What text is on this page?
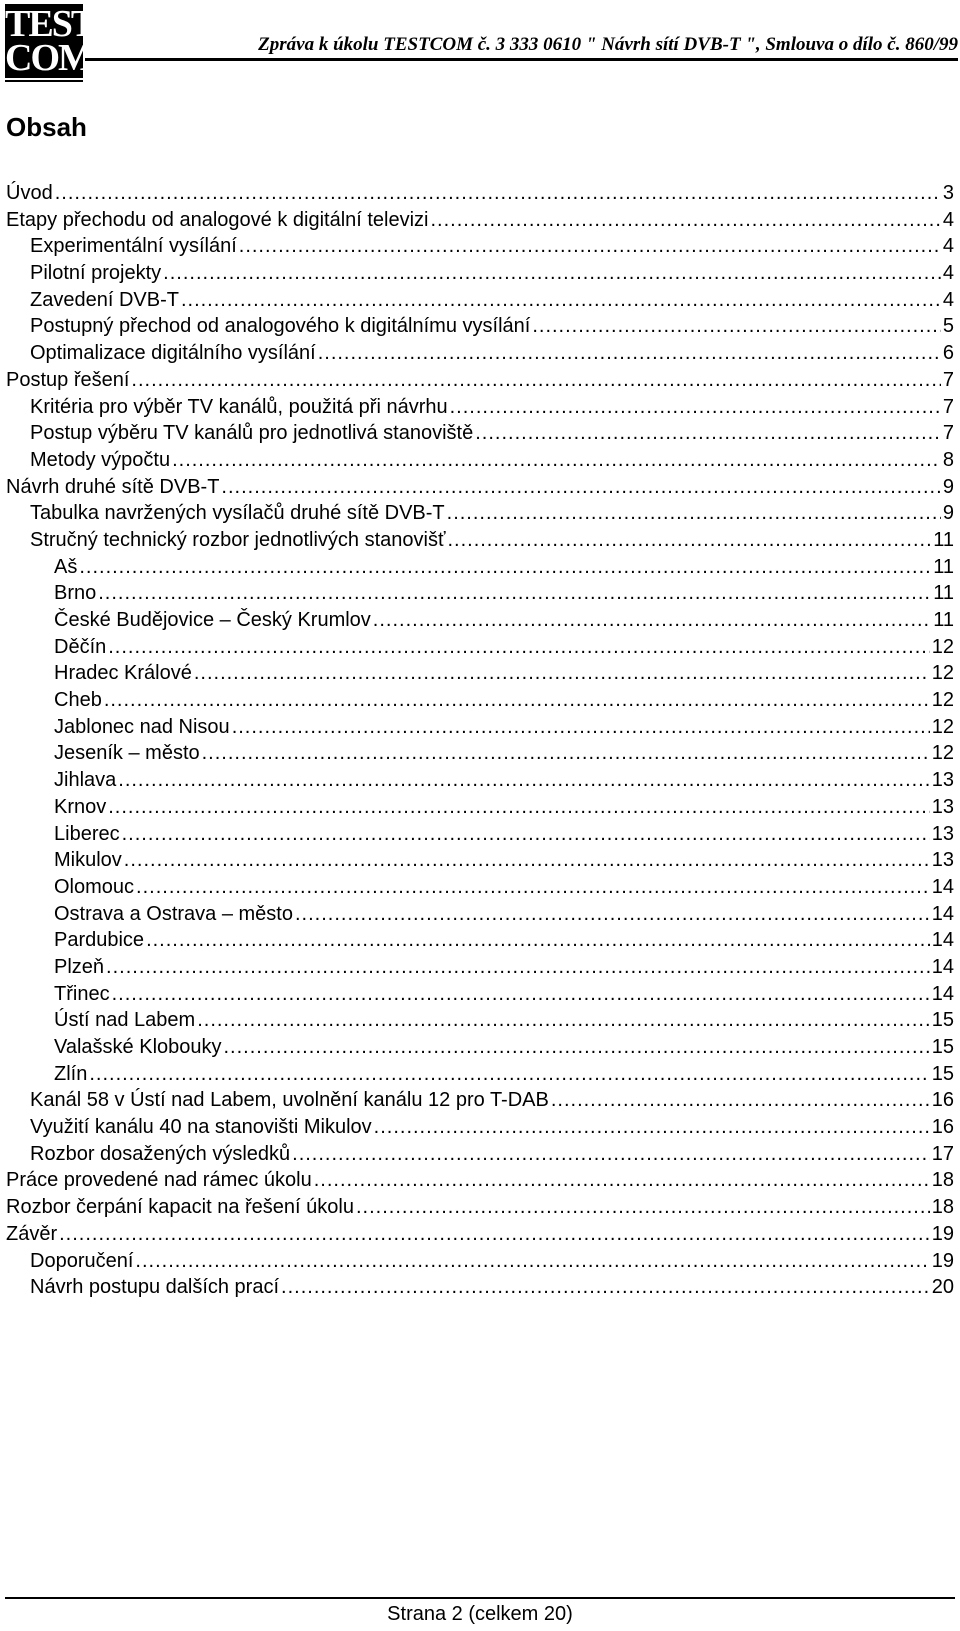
TEST
COM	Zpráva k úkolu TESTCOM č. 3 333 0610 " Návrh sítí DVB-T ", Smlouva o dílo č. 860/99
Obsah
Úvod .....	3
Etapy přechodu od analogové k digitální televizi .....	4
Experimentální vysílání .....	4
Pilotní projekty .....	4
Zavedení DVB-T .....	4
Postupný přechod od analogového k digitálnímu vysílání .....	5
Optimalizace digitálního vysílání .....	6
Postup řešení .....	7
Kritéria pro výběr TV kanálů, použitá při návrhu .....	7
Postup výběru TV kanálů pro jednotlivá stanoviště .....	7
Metody výpočtu .....	8
Návrh druhé sítě DVB-T .....	9
Tabulka navržených vysílačů druhé sítě DVB-T .....	9
Stručný technický rozbor jednotlivých stanovišť .....	11
Aš .....	11
Brno .....	11
České Budějovice – Český Krumlov .....	11
Děčín .....	12
Hradec Králové .....	12
Cheb .....	12
Jablonec nad Nisou .....	12
Jeseník – město .....	12
Jihlava .....	13
Krnov .....	13
Liberec .....	13
Mikulov .....	13
Olomouc .....	14
Ostrava a Ostrava – město .....	14
Pardubice .....	14
Plzeň .....	14
Třinec .....	14
Ústí nad Labem .....	15
Valašské Klobouky .....	15
Zlín .....	15
Kanál 58 v Ústí nad Labem, uvolnění kanálu 12 pro T-DAB .....	16
Využití kanálu 40 na stanovišti Mikulov .....	16
Rozbor dosažených výsledků .....	17
Práce provedené nad rámec úkolu .....	18
Rozbor čerpání kapacit na řešení úkolu .....	18
Závěr .....	19
Doporučení .....	19
Návrh postupu dalších prací .....	20
Strana 2 (celkem 20)
